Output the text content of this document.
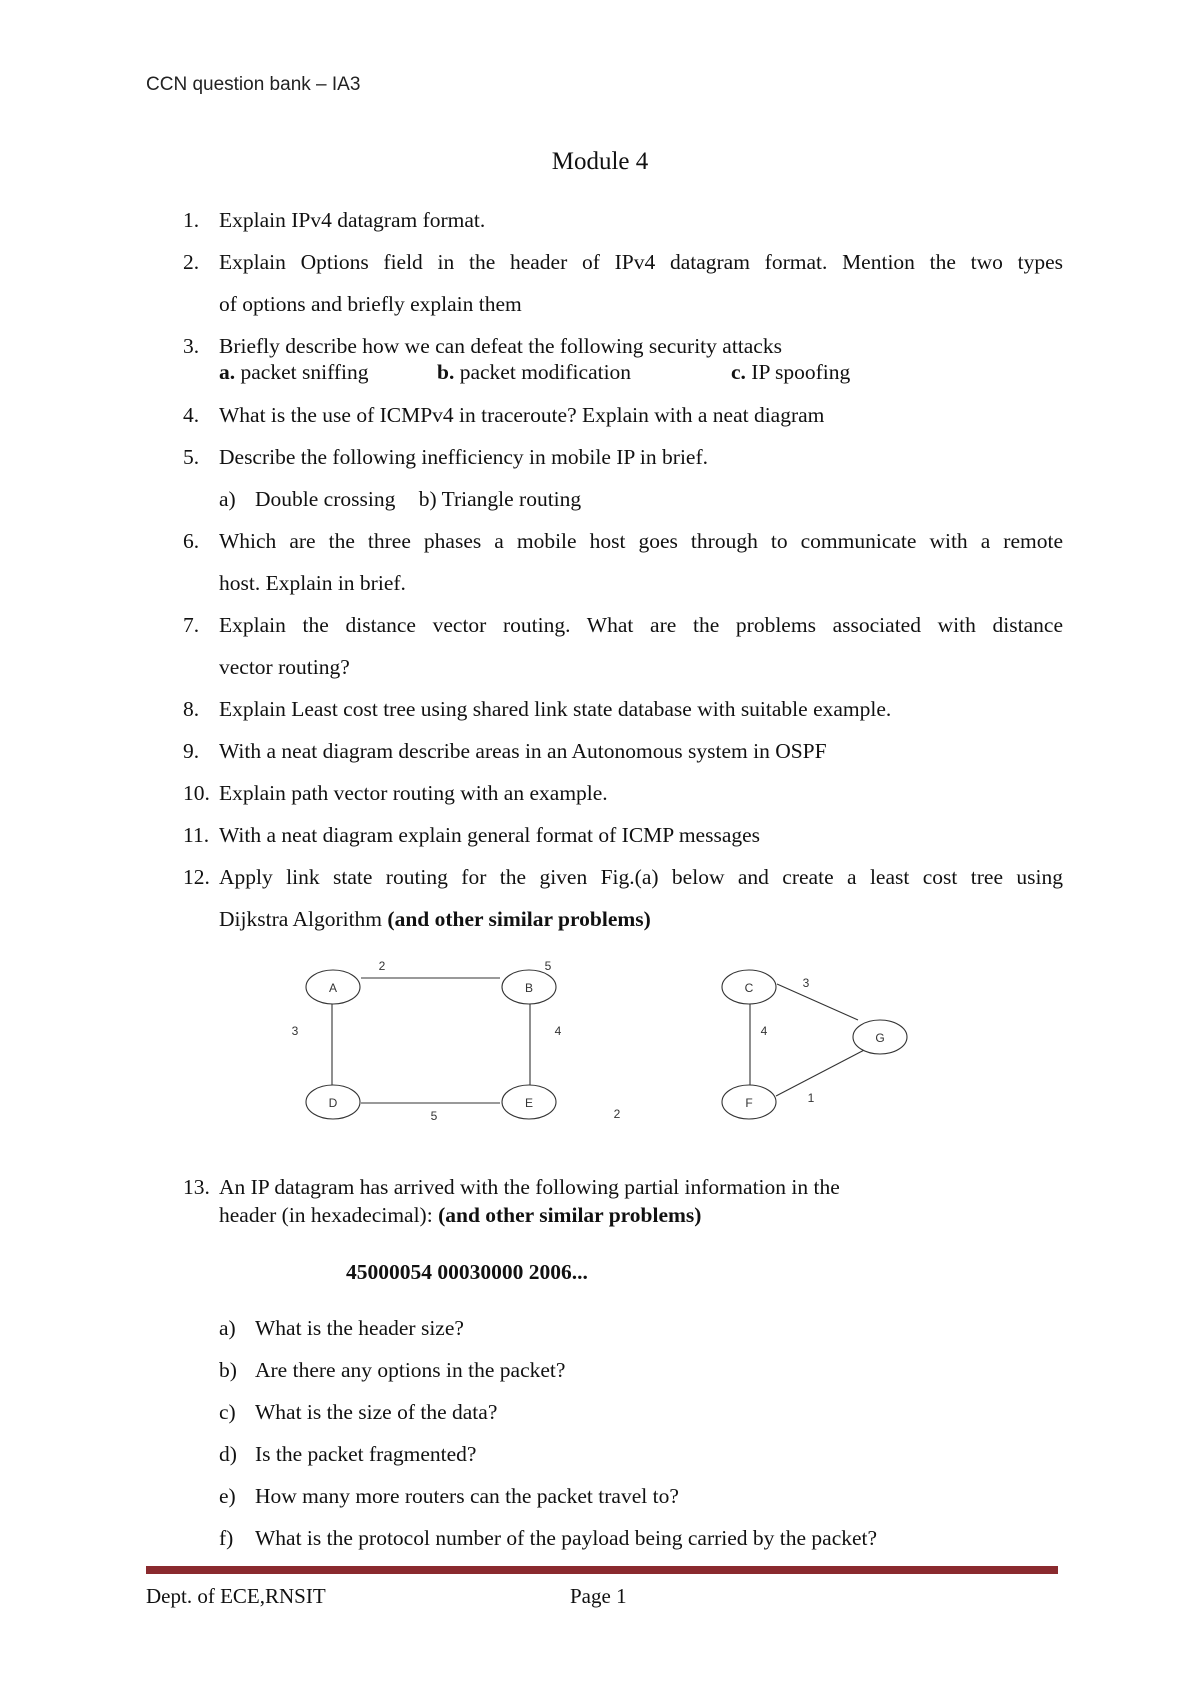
CCN question bank – IA3
Module 4
1. Explain IPv4 datagram format.
2. Explain Options field in the header of IPv4 datagram format. Mention the two types
of options and briefly explain them
3. Briefly describe how we can defeat the following security attacks
a. packet sniffing	b. packet modification	c. IP spoofing
4. What is the use of ICMPv4 in traceroute? Explain with a neat diagram
5. Describe the following inefficiency in mobile IP in brief.
a) Double crossing b) Triangle routing
6. Which are the three phases a mobile host goes through to communicate with a remote
host. Explain in brief.
7. Explain the distance vector routing. What are the problems associated with distance
vector routing?
8. Explain Least cost tree using shared link state database with suitable example.
9. With a neat diagram describe areas in an Autonomous system in OSPF
10. Explain path vector routing with an example.
11. With a neat diagram explain general format of ICMP messages
12. Apply link state routing for the given Fig.(a) below and create a least cost tree using
Dijkstra Algorithm (and other similar problems)
A	B
D	E
C
G
F
2	5
3	4
5	2
4
3
1
13. An IP datagram has arrived with the following partial information in the
header (in hexadecimal): (and other similar problems)
45000054 00030000 2006...
a) What is the header size?
b) Are there any options in the packet?
c) What is the size of the data?
d) Is the packet fragmented?
e) How many more routers can the packet travel to?
f) What is the protocol number of the payload being carried by the packet?
Dept. of ECE,RNSIT	Page 1
